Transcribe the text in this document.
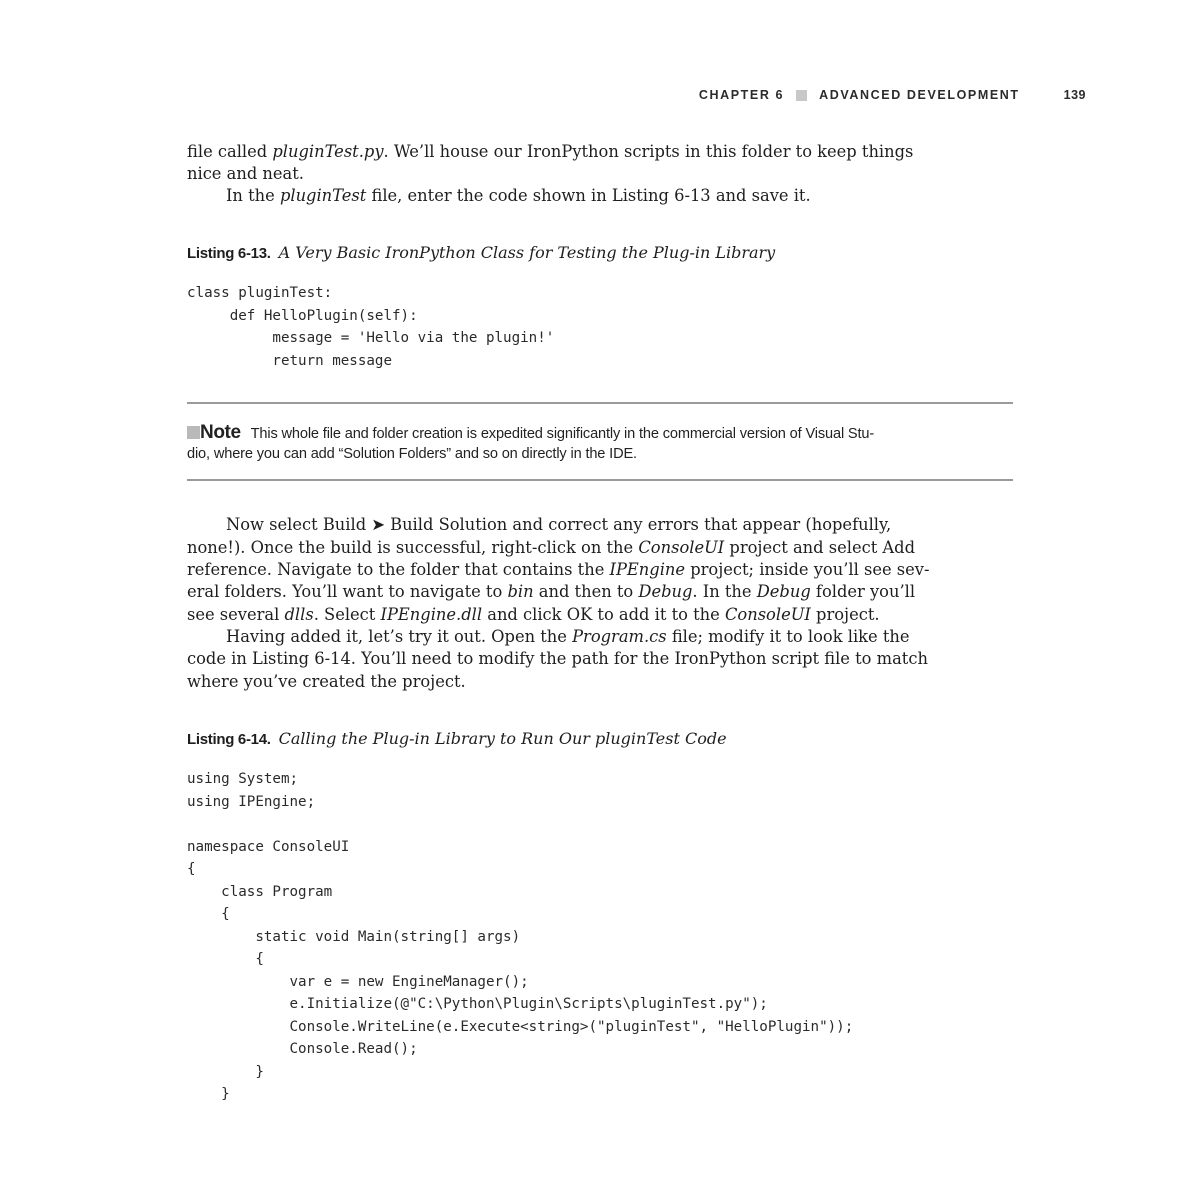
CHAPTER 6	ADVANCED DEVELOPMENT	139
file called pluginTest.py. We’ll house our IronPython scripts in this folder to keep things
nice and neat.
In the pluginTest file, enter the code shown in Listing 6-13 and save it.
Listing 6-13. A Very Basic IronPython Class for Testing the Plug-in Library
class pluginTest:
def HelloPlugin(self):
message = 'Hello via the plugin!'
return message
Note This whole file and folder creation is expedited significantly in the commercial version of Visual Stu-
dio, where you can add “Solution Folders” and so on directly in the IDE.
Now select Build ➤ Build Solution and correct any errors that appear (hopefully,
none!). Once the build is successful, right-click on the ConsoleUI project and select Add
reference. Navigate to the folder that contains the IPEngine project; inside you’ll see sev-
eral folders. You’ll want to navigate to bin and then to Debug. In the Debug folder you’ll
see several dlls. Select IPEngine.dll and click OK to add it to the ConsoleUI project.
Having added it, let’s try it out. Open the Program.cs file; modify it to look like the
code in Listing 6-14. You’ll need to modify the path for the IronPython script file to match
where you’ve created the project.
Listing 6-14. Calling the Plug-in Library to Run Our pluginTest Code
using System;
using IPEngine;

namespace ConsoleUI
{
class Program
{
static void Main(string[] args)
{
var e = new EngineManager();
e.Initialize(@"C:\Python\Plugin\Scripts\pluginTest.py");
Console.WriteLine(e.Execute<string>("pluginTest", "HelloPlugin"));
Console.Read();
}
}
